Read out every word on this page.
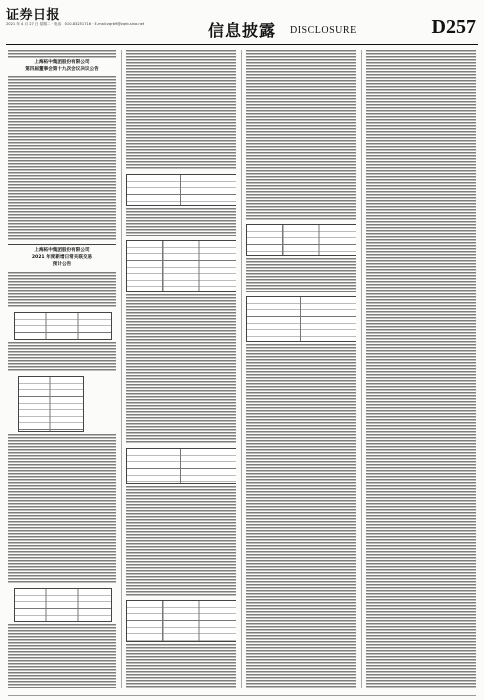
证券日报
2021 年 4 月 27 日 星期二 · 电话：010-83251716 · E-mail:zqrb9@zqrb.sina.net	信息披露 DISCLOSURE	D257
上海柘中集团股份有限公司
第四届董事会第十九次会议决议公告
上海柘中集团股份有限公司
2021 年度新增日常关联交易
预计公告
